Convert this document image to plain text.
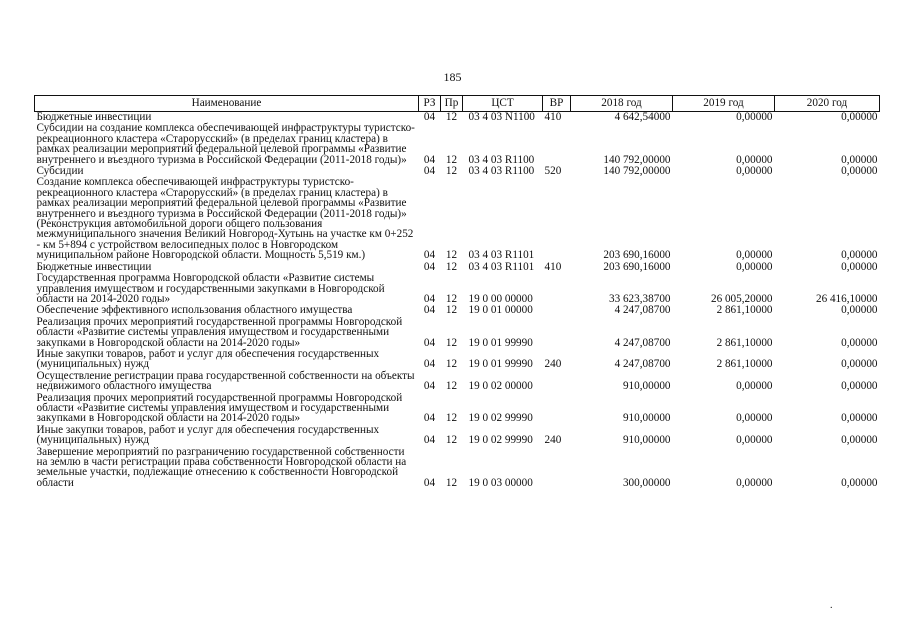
185
Наименование	РЗ	Пр	ЦСТ	ВР	2018 год	2019 год	2020 год
Бюджетные инвестиции	04	12	03 4 03 N1100	410	4 642,54000	0,00000	0,00000
Субсидии на создание комплекса обеспечивающей инфраструктуры туристско-рекреационного кластера «Старорусский» (в пределах границ кластера) в рамках реализации мероприятий федеральной целевой программы «Развитие внутреннего и въездного туризма в Российской Федерации (2011-2018 годы)»	04	12	03 4 03 R1100		140 792,00000	0,00000	0,00000
Субсидии	04	12	03 4 03 R1100	520	140 792,00000	0,00000	0,00000
Создание комплекса обеспечивающей инфраструктуры туристско-рекреационного кластера «Старорусский» (в пределах границ кластера) в рамках реализации мероприятий федеральной целевой программы «Развитие внутреннего и въездного туризма в Российской Федерации (2011-2018 годы)» (Реконструкция автомобильной дороги общего пользования межмуниципального значения Великий Новгород-Хутынь на участке км 0+252 - км 5+894 с устройством велосипедных полос в Новгородском муниципальном районе Новгородской области. Мощность 5,519 км.)	04	12	03 4 03 R1101		203 690,16000	0,00000	0,00000
Бюджетные инвестиции	04	12	03 4 03 R1101	410	203 690,16000	0,00000	0,00000
Государственная программа Новгородской области «Развитие системы управления имуществом и государственными закупками в Новгородской области на 2014-2020 годы»	04	12	19 0 00 00000		33 623,38700	26 005,20000	26 416,10000
Обеспечение эффективного использования областного имущества	04	12	19 0 01 00000		4 247,08700	2 861,10000	0,00000
Реализация прочих мероприятий государственной программы Новгородской области «Развитие системы управления имуществом и государственными закупками в Новгородской области на 2014-2020 годы»	04	12	19 0 01 99990		4 247,08700	2 861,10000	0,00000
Иные закупки товаров, работ и услуг для обеспечения государственных (муниципальных) нужд	04	12	19 0 01 99990	240	4 247,08700	2 861,10000	0,00000
Осуществление регистрации права государственной собственности на объекты недвижимого областного имущества	04	12	19 0 02 00000		910,00000	0,00000	0,00000
Реализация прочих мероприятий государственной программы Новгородской области «Развитие системы управления имуществом и государственными закупками в Новгородской области на 2014-2020 годы»	04	12	19 0 02 99990		910,00000	0,00000	0,00000
Иные закупки товаров, работ и услуг для обеспечения государственных (муниципальных) нужд	04	12	19 0 02 99990	240	910,00000	0,00000	0,00000
Завершение мероприятий по разграничению государственной собственности на землю в части регистрации права собственности Новгородской области на земельные участки, подлежащие отнесению к собственности Новгородской области	04	12	19 0 03 00000		300,00000	0,00000	0,00000
.
